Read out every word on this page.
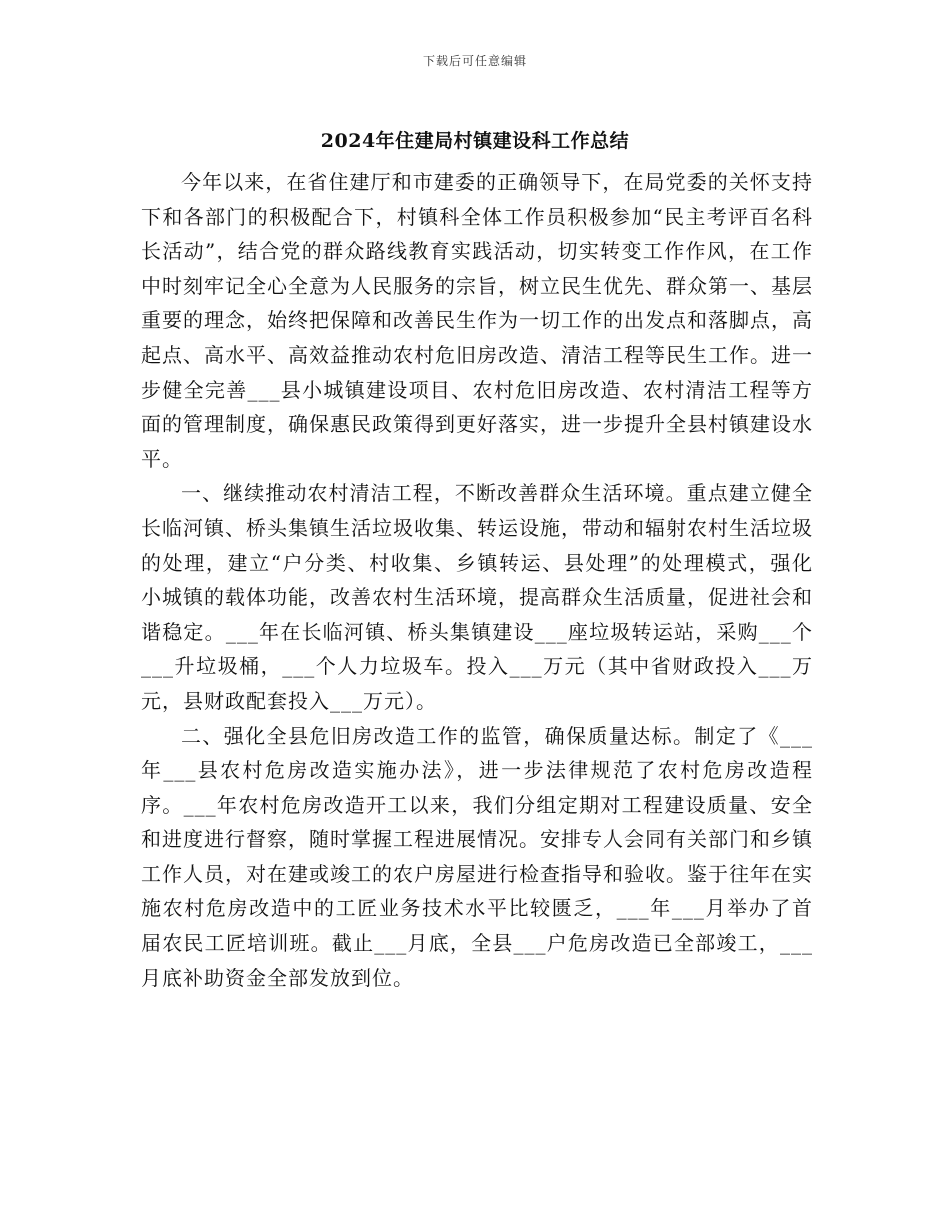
下载后可任意编辑
2024年住建局村镇建设科工作总结

今年以来，在省住建厅和市建委的正确领导下，在局党委的关怀支持下和各部门的积极配合下，村镇科全体工作员积极参加“民主考评百名科长活动”，结合党的群众路线教育实践活动，切实转变工作作风，在工作中时刻牢记全心全意为人民服务的宗旨，树立民生优先、群众第一、基层重要的理念，始终把保障和改善民生作为一切工作的出发点和落脚点，高起点、高水平、高效益推动农村危旧房改造、清洁工程等民生工作。进一步健全完善___县小城镇建设项目、农村危旧房改造、农村清洁工程等方面的管理制度，确保惠民政策得到更好落实，进一步提升全县村镇建设水平。

一、继续推动农村清洁工程，不断改善群众生活环境。重点建立健全长临河镇、桥头集镇生活垃圾收集、转运设施，带动和辐射农村生活垃圾的处理，建立“户分类、村收集、乡镇转运、县处理”的处理模式，强化小城镇的载体功能，改善农村生活环境，提高群众生活质量，促进社会和谐稳定。___年在长临河镇、桥头集镇建设___座垃圾转运站，采购___个___升垃圾桶，___个人力垃圾车。投入___万元（其中省财政投入___万元，县财政配套投入___万元）。

二、强化全县危旧房改造工作的监管，确保质量达标。制定了《___年___县农村危房改造实施办法》，进一步法律规范了农村危房改造程序。___年农村危房改造开工以来，我们分组定期对工程建设质量、安全和进度进行督察，随时掌握工程进展情况。安排专人会同有关部门和乡镇工作人员，对在建或竣工的农户房屋进行检查指导和验收。鉴于往年在实施农村危房改造中的工匠业务技术水平比较匮乏，___年___月举办了首届农民工匠培训班。截止___月底，全县___户危房改造已全部竣工，___月底补助资金全部发放到位。
